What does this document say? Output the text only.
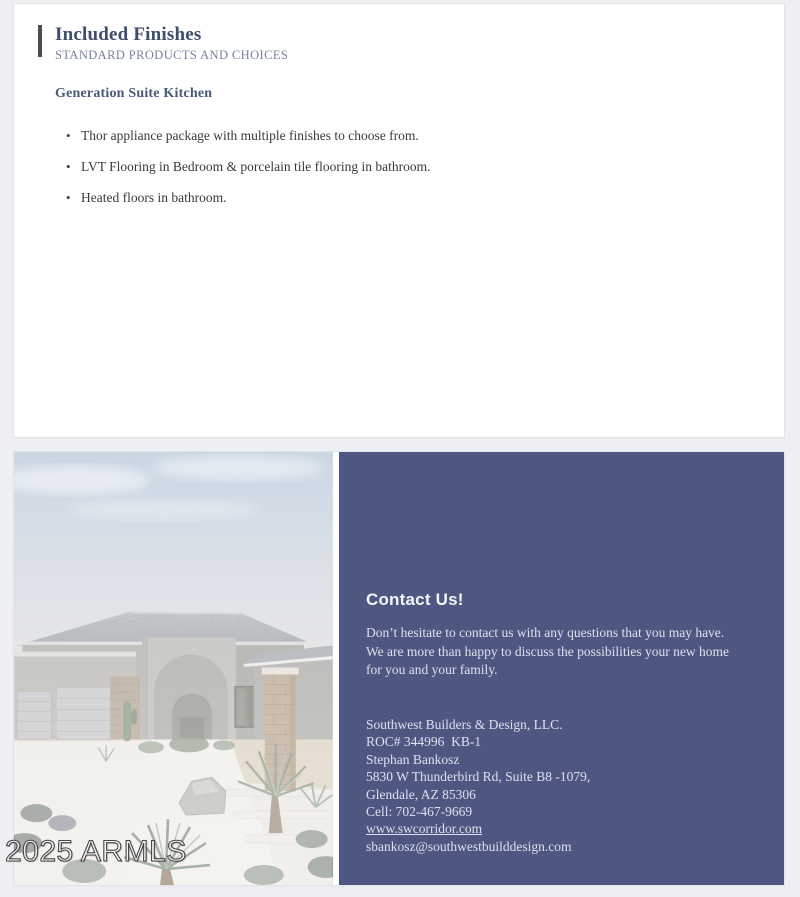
Included Finishes
STANDARD PRODUCTS AND CHOICES
Generation Suite Kitchen
• Thor appliance package with multiple finishes to choose from.
• LVT Flooring in Bedroom & porcelain tile flooring in bathroom.
• Heated floors in bathroom.
Contact Us!
Don’t hesitate to contact us with any questions that you may have.
We are more than happy to discuss the possibilities your new home
for you and your family.
Southwest Builders & Design, LLC.
ROC# 344996  KB-1
Stephan Bankosz
5830 W Thunderbird Rd, Suite B8 -1079,
Glendale, AZ 85306
Cell: 702-467-9669
www.swcorridor.com
sbankosz@southwestbuilddesign.com
2025 ARMLS
